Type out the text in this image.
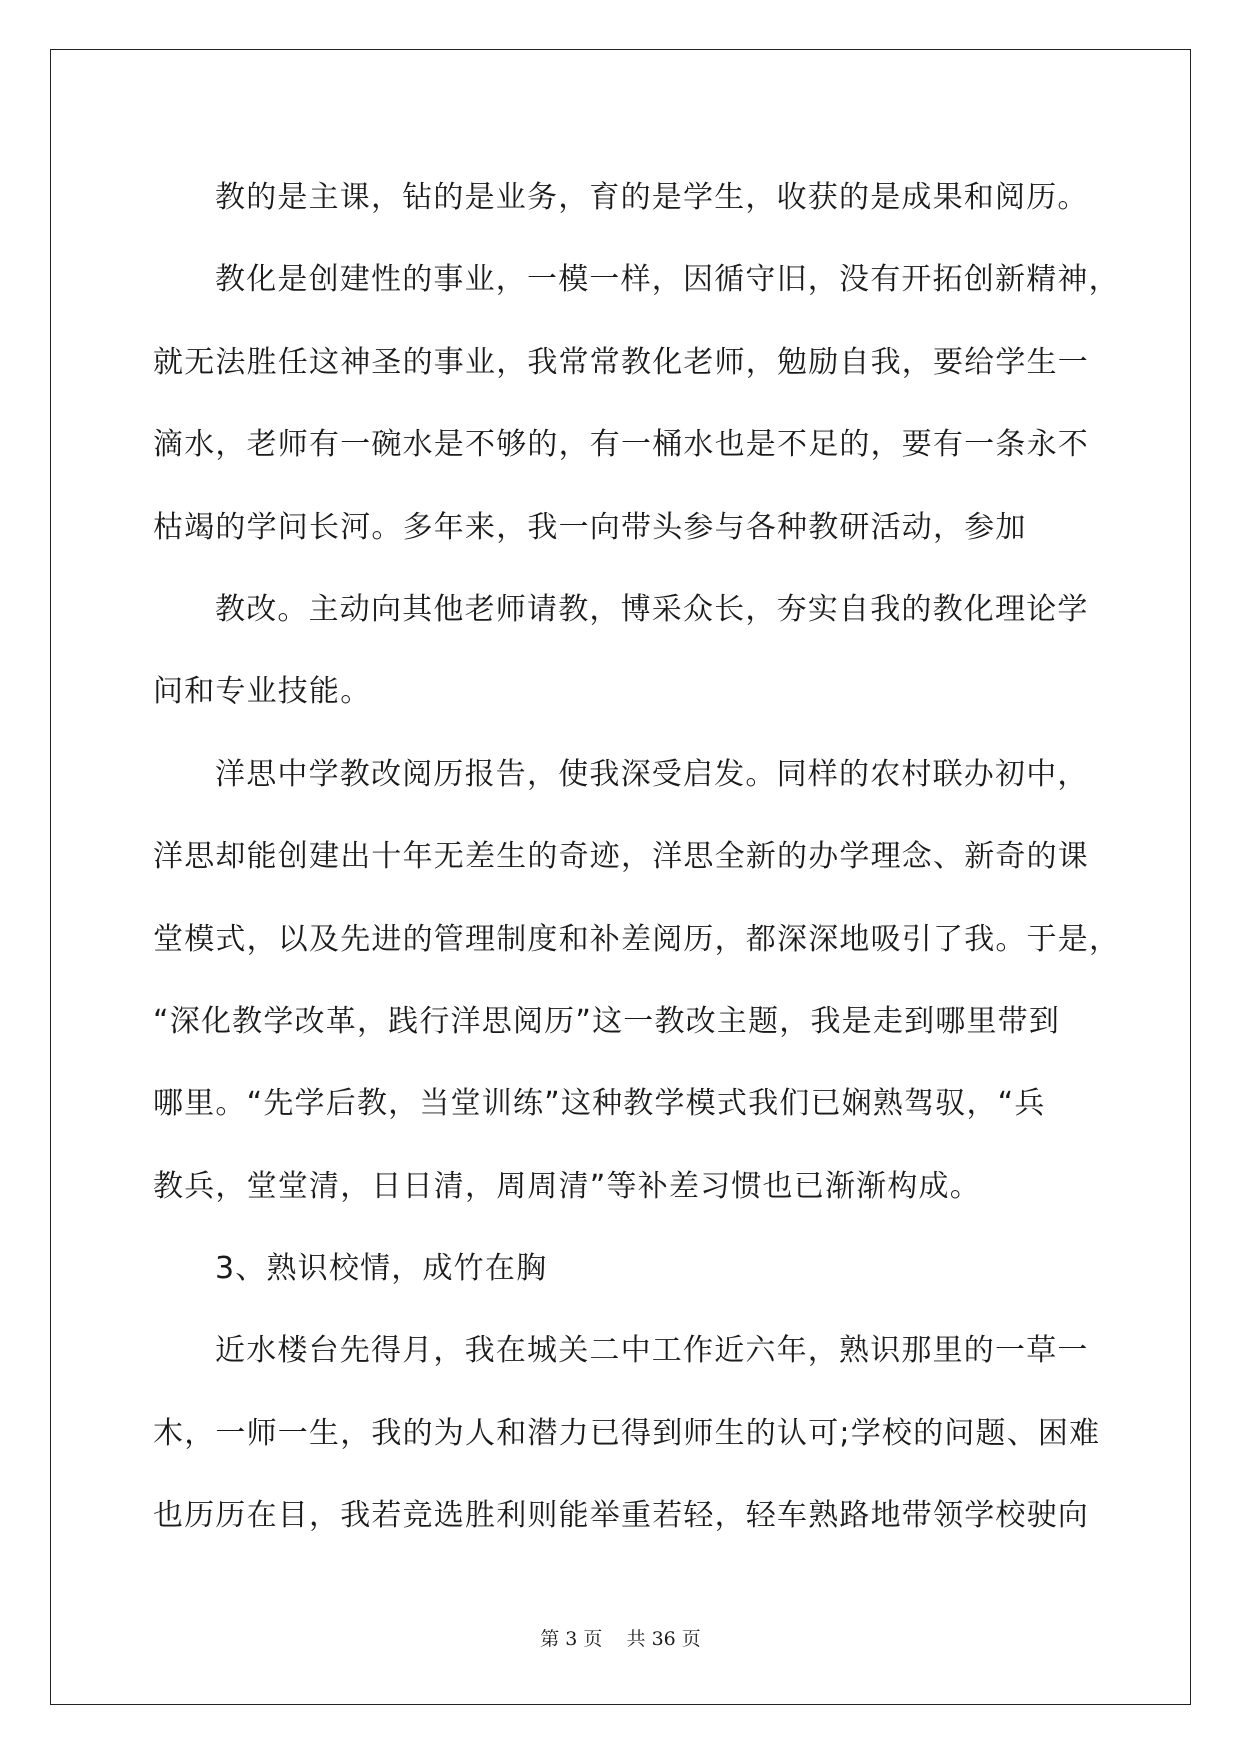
教的是主课，钻的是业务，育的是学生，收获的是成果和阅历。
教化是创建性的事业，一模一样，因循守旧，没有开拓创新精神，
就无法胜任这神圣的事业，我常常教化老师，勉励自我，要给学生一
滴水，老师有一碗水是不够的，有一桶水也是不足的，要有一条永不
枯竭的学问长河。多年来，我一向带头参与各种教研活动，参加
教改。主动向其他老师请教，博采众长，夯实自我的教化理论学
问和专业技能。
洋思中学教改阅历报告，使我深受启发。同样的农村联办初中，
洋思却能创建出十年无差生的奇迹，洋思全新的办学理念、新奇的课
堂模式，以及先进的管理制度和补差阅历，都深深地吸引了我。于是，
“深化教学改革，践行洋思阅历”这一教改主题，我是走到哪里带到
哪里。“先学后教，当堂训练”这种教学模式我们已娴熟驾驭，“兵
教兵，堂堂清，日日清，周周清”等补差习惯也已渐渐构成。
3、熟识校情，成竹在胸
近水楼台先得月，我在城关二中工作近六年，熟识那里的一草一
木，一师一生，我的为人和潜力已得到师生的认可;学校的问题、困难
也历历在目，我若竞选胜利则能举重若轻，轻车熟路地带领学校驶向
第 3 页    共 36 页
